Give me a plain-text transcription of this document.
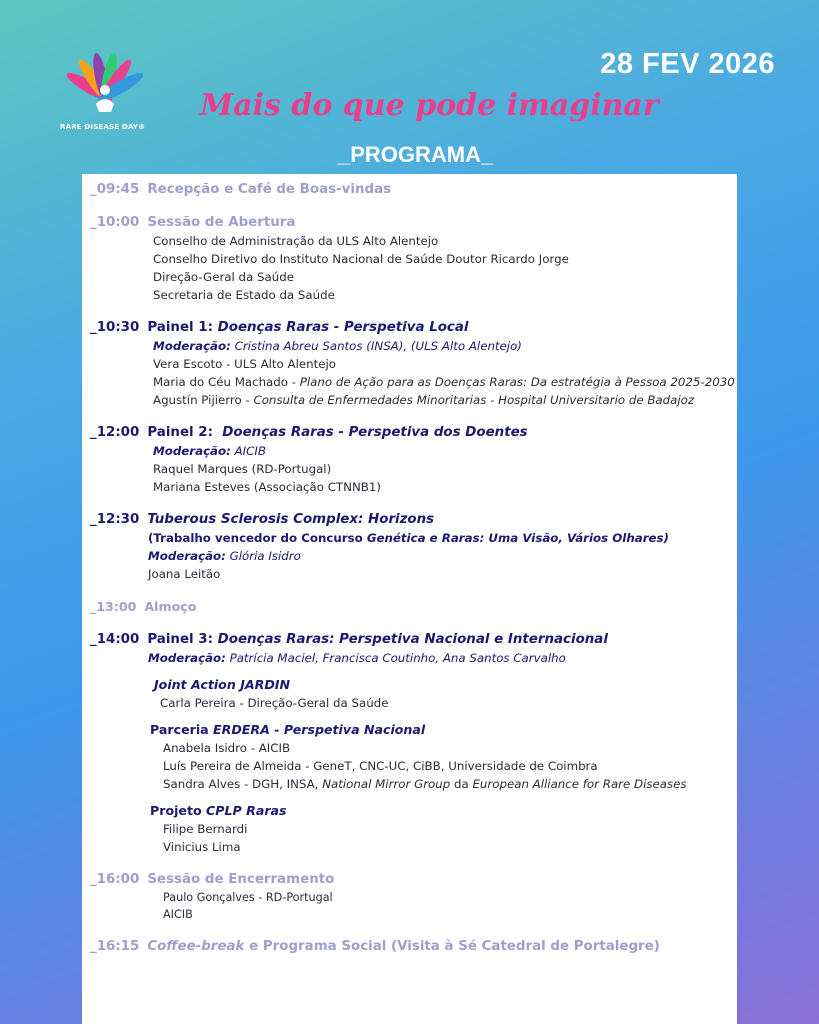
RARE DISEASE DAY®
28 FEV 2026
Mais do que pode imaginar
_PROGRAMA_
_09:45 Recepção e Café de Boas-vindas
_10:00 Sessão de Abertura
Conselho de Administração da ULS Alto Alentejo
Conselho Diretivo do Instituto Nacional de Saúde Doutor Ricardo Jorge
Direção-Geral da Saúde
Secretaria de Estado da Saúde
_10:30 Painel 1: Doenças Raras - Perspetiva Local
Moderação: Cristina Abreu Santos (INSA), (ULS Alto Alentejo)
Vera Escoto - ULS Alto Alentejo
Maria do Céu Machado - Plano de Ação para as Doenças Raras: Da estratégia à Pessoa 2025-2030
Agustín Pijierro - Consulta de Enfermedades Minoritarias - Hospital Universitario de Badajoz
_12:00 Painel 2: Doenças Raras - Perspetiva dos Doentes
Moderação: AICIB
Raquel Marques (RD-Portugal)
Mariana Esteves (Associação CTNNB1)
_12:30 Tuberous Sclerosis Complex: Horizons
(Trabalho vencedor do Concurso Genética e Raras: Uma Visão, Vários Olhares)
Moderação: Glória Isidro
Joana Leitão
_13:00 Almoço
_14:00 Painel 3: Doenças Raras: Perspetiva Nacional e Internacional
Moderação: Patrícia Maciel, Francisca Coutinho, Ana Santos Carvalho
Joint Action JARDIN
Carla Pereira - Direção-Geral da Saúde
Parceria ERDERA - Perspetiva Nacional
Anabela Isidro - AICIB
Luís Pereira de Almeida - GeneT, CNC-UC, CiBB, Universidade de Coimbra
Sandra Alves - DGH, INSA, National Mirror Group da European Alliance for Rare Diseases
Projeto CPLP Raras
Filipe Bernardi
Vinicius Lima
_16:00 Sessão de Encerramento
Paulo Gonçalves - RD-Portugal
AICIB
_16:15 Coffee-break e Programa Social (Visita à Sé Catedral de Portalegre)
